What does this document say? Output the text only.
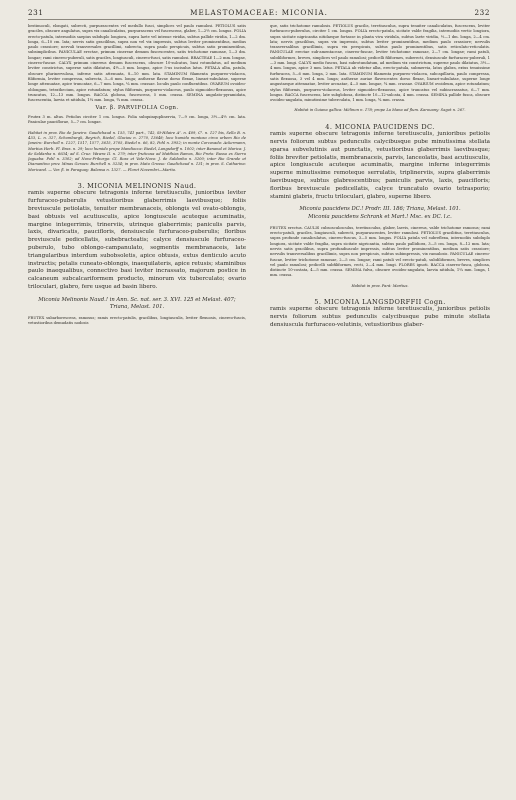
231	MELASTOMACEAE: MICONIA.	232

bestimoculi, elongati, subrecti, purpurascentes vel medullo fusci, simplices vel paulo ramulosi. PETIOLUS satis graciles, obscure angulatus, supra vix canaliculatus, purpurascens vel fuscescens, glaber, 1—2½ cm. longus. FOLIA erecto-patula, internodiis saepius subduplo longiora, supra laete vel intense viridia, subtus pallide viridia, 1—2 dm. longa, 6—10 cm. lata; nervis satis gracilibus, supra non vel vix impressis, subtus leviter prominentibus, medius paulo crassiore; nervuli transversales gracillimi, subrecta, supra paulo perspicuis, subtus satis prominentibus, subsimplicibus. PANICULAE erectae, primum cinereae demum fuscescentes, satis trichotome ramosae, 1—3 dm. longae; rami cinereo-puberuli, satis graciles, longiusculi, cinereo-fusci, satis ramulosi. BRACTEAE 1—2 mm. longae, cinereo-fuscae. CALYX primum cinereus demum fuscescens, obscure 10-sulcatus, basi rotundatus, ad medium leviter constrictus, superne satis dilatatus, 4½—5 mm. longus, apice 5-us incisulus latus. PETALA alba, patula, obscure plurinervulosa, inferne satis attenuata, 8—10 mm. lata. STAMINUM filamenta purpureo-violacea, filiformia, leviter compressa, subrecta, 3—6 mm. longa; antherae flavae dorso flexae, lineari-subulatae, superne longe attenuatae, apice truncatae, 6—7 mm. longa, ¼ mm. crassae. loculis paulo confluentibus. OVARIUM ovoideo-oblongum, tetrathecium, apice rotundatum; stylus filiformis, purpureo-violaceus, paulo sigmoideo-flexuosus, apice truncatus, 12—13 mm. longus. BACCA globosa, fuscescens, 5 mm. crassa. SEMINA angulato-pyramidata, fuscescentia, laevia et nitidula, 1¼ mm. longa, ¾ mm. crassa.

Var. β. PARVIFOLIA Cogn.

Frutex 3 m. altus. Petiolus circiter 1 cm. longus. Folia subquinquplinervia, 7—9 cm. longa, 3½—4½ cm. lata. Paniculae pauciflorae, 5—7 cm. longae.

Habitat in prov. Rio de Janeiro: Gaudichaud n. 155, 741 part., 742, St-Hilaire A¹. n. 409, C². n. 127 bis, Sello B. n. 433, L. n. 327, Schomburgk, Beyrich, Riedel, Glaziou n. 2770, 13648; loco humido montoso circa urbem Rio de Janeiro: Burchell n. 1227, 1517, 1577, 3615, 3705, Riedel n. 66, 82, Pohl n. 3952; in monte Corcovado: Ackermann, Martius Herb. Fl. Bras. n. 29; loco humido prope Mandiocca: Riedel, Langsdorff n. 1002; inter Bananal et Marica: J. de Saldanha n. 6634; ad S. Cruz: Wawra II. n. 279; inter fruticosa ad Matthias Ramos, Rio Preto: Russo ex Sierra Jaguaba: Pohl n. 3302; ad Novo-Friburgo: Cl. Ross et Vale-Novo: J. de Saldanha n. 5200; inter Rio Grande et Diamantino prov. Minas Geraes: Burchell n. 5234; in prov. Mato Grosso: Gaudichaud n. 131; in prov. S. Catharina: Moricand. — Var. β. in Paraguay: Balansa n. 1327. — Floret Novembri—Martio.

3. MICONIA MELINONIS Naud.

ramis superne obscure tetragonis inferne teretiusculis, junioribus leviter furfuraceo-puberulis vetustioribus glaberrimis laevibusque; foliis breviuscule petiolatis, tenuiter membranaceis, oblongis vel ovato-oblongis, basi obtusis vel acutiusculis, apice longiuscule acuteque acuminatis, margine integerrimis, trinerviis, utrinque glaberrimis; paniculis parvis, laxis, divaricatis, paucifloris, densiuscule furfuraceo-puberulis; floribus breviuscule pedicellatis, subebracteatis; calyce densiuscule furfuraceo-puberulo, tubo oblongo-campanulato, segmentis membranaceis, late triangularibus interdum subobsoletis, apice obtusis, extus denticulo acuto instructis; petalis cuneato-oblongis, inaequilateris, apice retusis; staminibus paulo inaequalibus, connectivo basi leviter incrassato, majorum postice in calcaneum subcalcariformem producto, minorum vix tuberculato; ovario triloculari, glabro, fere usque ad basin libero.

Miconia Melinonis Naud.! in Ann. Sc. nat. ser. 3. XVI. 125 et Melast. 407; Triana, Melast. 101.

FRUTEX subarborescens, ramosus; ramis erecto-patulis, gracilibus, longiusculis, leviter flexuosis, cinereo-fuscis, vetustioribus demudatis nodosis

que, satis trichotome ramulosis. PETIOLUS gracilis, teretiusculus, supra tenuiter canaliculatus, fuscescens, leviter furfuraceo-puberulus, circiter 1 cm. longus. FOLIA erecto-patula, sicitate valde fragilia, internodiis vertic longiora, supra sicitate nigricantia nitidaeque fortasse in planta viva viridula, subtus laete viridia, ½—1 dm. longa, 2—4 cm. lata; nervis gracilibus, supra vix impressis, subtus leviter prominentibus, medium paulo crassiore; nervulis transversalibus gracillimis, supra vix perspicuis, subtus paulo prominentibus, satis reticulato-reticulatis. PANICULAE erectae sub-amentaceae, cinereo-fuscae, leviter trichotome ramosae, 2—7 cm. longae; rami patuli, subdiliformes, breves, simplices vel paulo ramulosi; pedicelli filiformes, suberecti, densiuscule furfuraceo-puberuli, 1—3 mm. longi. CALYX medio fuscus, basi subrotundatum, ad medium vix constrictum, superne paulo dilatatus, 3½—4 mm. longus, apice 3 mm. latus. PETALA ab videtur alba, erecto-patula, submervia, latus glabra, extus tenuissime furfuracea, 5—6 mm. longa, 2 mm. lata. STAMINUM filamenta purpureo-violacea, subcapillaria, paulo compressa, satis flexuosa, 3 vel 4 mm. longa; antherae auriae flavescentes dorso flexae, lineari-subulatae, superne longe angustaeque attenuatae, leviter arcuatae, 4—5 mm. longae, ¾ mm. crassae. OVARIUM ovoideum, apice rotundatum; stylus filiformis, purpureo-violaceus, leviter sigmoideo-flexuosus, apice truncatus vel subincrassatus, 6—7 mm. longus. BACCA fuscescens, late subglobosa, distincte 10—12-sulcata, 4 mm. crassa. SEMINA pallide fusca, obscure ovoideo-angulata, minutissime tuberculata, 1 mm. longa, ¾ mm. crassa.

Habitat in Guiana gallica: Mélinon n. 178; prope La Mana ad flum. Karouany: Sagot n. 267.

4. MICONIA PAUCIDENS DC.

ramis superne obscure tetragonis inferne teretiusculis, junioribus petiolis nervis foliorum subtus pedunculis calycibusque pube minutissima stellata sparsa subvelutinis aut punctatis, vetustioribus glaberrimis laevibusque; foliis breviter petiolatis, membranaceis, parvis, lanceolatis, basi acutiusculis, apice longiuscule acuteque acuminatis, margine inferne integerrimis superne minutissime remoteque serrulatis, triplinerviis, supra glaberrimis laevibusque, subtus glabrescentibus; paniculis parvis, laxis, paucifloris; floribus breviuscule pedicellatis, calyce truncatulo ovario tetrasporio; stamini glabris, fructu triloculari, glabro, superne libero.

Miconia paucidens DC.! Prodr. III. 186; Triana, Melast. 101.

Miconia paucidens Schrank et Mart.! Msc. ex DC. l.c.

FRUTEX erectus. CAULIS cubsosculosculus, teretiusculus, glaber, laevis, cinereus, valde trichotome ramosus; rami erecto-patuli, graciles, longiusculi, subrecti, purpurascentes, leviter ramulosi. PETIOLUS gracilitius, teretiusculus, supra profunde canaliculatus, cinereo-fuscus, 3—5 mm. longus. FOLIA patula vel subreflexa, internodiis subduplo longiora, sicitate valde fragilia, supra sicitate nigricantia, subtus paulo pallidiora, 3—5 cm. longa, 8—12 mm. lata; nervis satis gracilibus, supra profundiuscule impressis, subtus leviter prominentibus, medium satis crassiore; nervulis transversalibus gracillimis, supra non perspicuis, subtus subimpressis, vix ramulosis. PANICULAE cinereo-fuscae, leviter trichotome ramosae, 2—5 cm. longae; rami patuli vel erecto-patuli, subdiliformes, breves, simplices vel paulo ramulosi; pedicelli subfiliformes, recti, 2—4 mm. longi. FLORES ignoti. BACCA cinereo-fusca, globosa, distincte 10-costata, 4—5 mm. crassa. SEMINA fulva, obscure ovoideo-angulata, laevia nitidula, 1¼ mm. longa, 1 mm. crassa.

Habitat in prov. Pará: Martius.

5. MICONIA LANGSDORFFII Cogn.

ramis superne obscure tetragonis inferne teretiusculis, junioribus petiolis nervis foliorum subtus pedunculis calycibusque pube minute stellata densiuscula furfuraceo-velutinis, vetustioribus glaber-
